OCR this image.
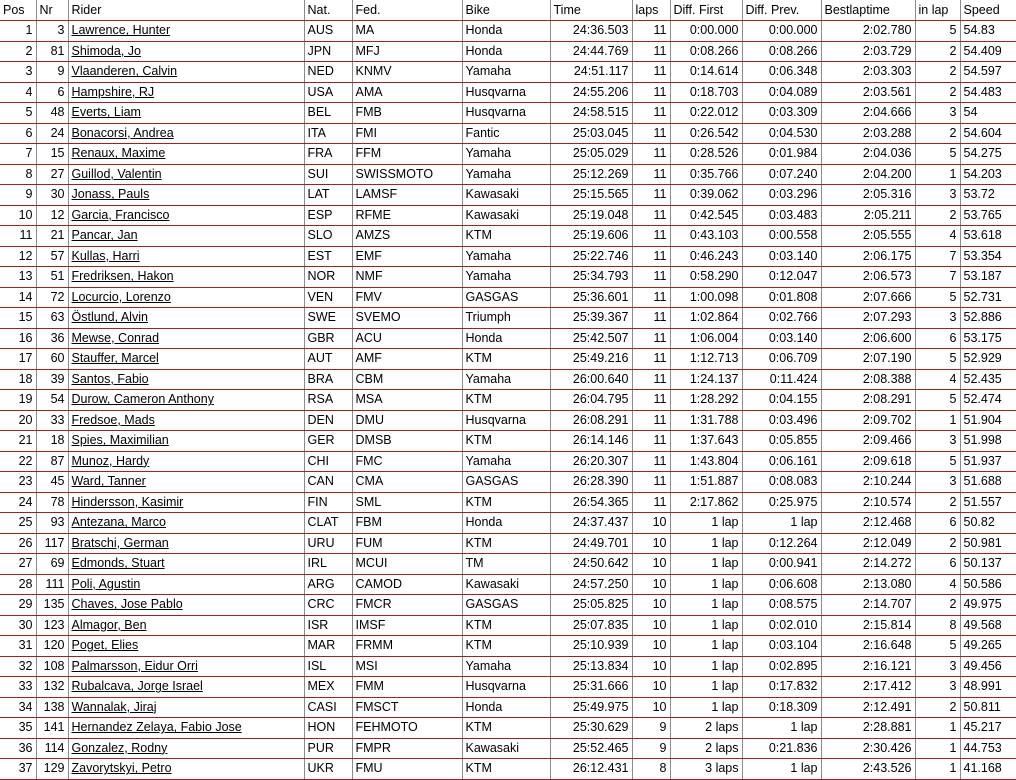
Pos	Nr	Rider	Nat.	Fed.	Bike	Time	laps	Diff. First	Diff. Prev.	Bestlaptime	in lap	Speed
1	3	Lawrence, Hunter	AUS	MA	Honda	24:36.503	11	0:00.000	0:00.000	2:02.780	5	54.83
2	81	Shimoda, Jo	JPN	MFJ	Honda	24:44.769	11	0:08.266	0:08.266	2:03.729	2	54.409
3	9	Vlaanderen, Calvin	NED	KNMV	Yamaha	24:51.117	11	0:14.614	0:06.348	2:03.303	2	54.597
4	6	Hampshire, RJ	USA	AMA	Husqvarna	24:55.206	11	0:18.703	0:04.089	2:03.561	2	54.483
5	48	Everts, Liam	BEL	FMB	Husqvarna	24:58.515	11	0:22.012	0:03.309	2:04.666	3	54
6	24	Bonacorsi, Andrea	ITA	FMI	Fantic	25:03.045	11	0:26.542	0:04.530	2:03.288	2	54.604
7	15	Renaux, Maxime	FRA	FFM	Yamaha	25:05.029	11	0:28.526	0:01.984	2:04.036	5	54.275
8	27	Guillod, Valentin	SUI	SWISSMOTO	Yamaha	25:12.269	11	0:35.766	0:07.240	2:04.200	1	54.203
9	30	Jonass, Pauls	LAT	LAMSF	Kawasaki	25:15.565	11	0:39.062	0:03.296	2:05.316	3	53.72
10	12	Garcia, Francisco	ESP	RFME	Kawasaki	25:19.048	11	0:42.545	0:03.483	2:05.211	2	53.765
11	21	Pancar, Jan	SLO	AMZS	KTM	25:19.606	11	0:43.103	0:00.558	2:05.555	4	53.618
12	57	Kullas, Harri	EST	EMF	Yamaha	25:22.746	11	0:46.243	0:03.140	2:06.175	7	53.354
13	51	Fredriksen, Hakon	NOR	NMF	Yamaha	25:34.793	11	0:58.290	0:12.047	2:06.573	7	53.187
14	72	Locurcio, Lorenzo	VEN	FMV	GASGAS	25:36.601	11	1:00.098	0:01.808	2:07.666	5	52.731
15	63	Östlund, Alvin	SWE	SVEMO	Triumph	25:39.367	11	1:02.864	0:02.766	2:07.293	3	52.886
16	36	Mewse, Conrad	GBR	ACU	Honda	25:42.507	11	1:06.004	0:03.140	2:06.600	6	53.175
17	60	Stauffer, Marcel	AUT	AMF	KTM	25:49.216	11	1:12.713	0:06.709	2:07.190	5	52.929
18	39	Santos, Fabio	BRA	CBM	Yamaha	26:00.640	11	1:24.137	0:11.424	2:08.388	4	52.435
19	54	Durow, Cameron Anthony	RSA	MSA	KTM	26:04.795	11	1:28.292	0:04.155	2:08.291	5	52.474
20	33	Fredsoe, Mads	DEN	DMU	Husqvarna	26:08.291	11	1:31.788	0:03.496	2:09.702	1	51.904
21	18	Spies, Maximilian	GER	DMSB	KTM	26:14.146	11	1:37.643	0:05.855	2:09.466	3	51.998
22	87	Munoz, Hardy	CHI	FMC	Yamaha	26:20.307	11	1:43.804	0:06.161	2:09.618	5	51.937
23	45	Ward, Tanner	CAN	CMA	GASGAS	26:28.390	11	1:51.887	0:08.083	2:10.244	3	51.688
24	78	Hindersson, Kasimir	FIN	SML	KTM	26:54.365	11	2:17.862	0:25.975	2:10.574	2	51.557
25	93	Antezana, Marco	CLAT	FBM	Honda	24:37.437	10	1 lap	1 lap	2:12.468	6	50.82
26	117	Bratschi, German	URU	FUM	KTM	24:49.701	10	1 lap	0:12.264	2:12.049	2	50.981
27	69	Edmonds, Stuart	IRL	MCUI	TM	24:50.642	10	1 lap	0:00.941	2:14.272	6	50.137
28	111	Poli, Agustin	ARG	CAMOD	Kawasaki	24:57.250	10	1 lap	0:06.608	2:13.080	4	50.586
29	135	Chaves, Jose Pablo	CRC	FMCR	GASGAS	25:05.825	10	1 lap	0:08.575	2:14.707	2	49.975
30	123	Almagor, Ben	ISR	IMSF	KTM	25:07.835	10	1 lap	0:02.010	2:15.814	8	49.568
31	120	Poget, Elies	MAR	FRMM	KTM	25:10.939	10	1 lap	0:03.104	2:16.648	5	49.265
32	108	Palmarsson, Eidur Orri	ISL	MSI	Yamaha	25:13.834	10	1 lap	0:02.895	2:16.121	3	49.456
33	132	Rubalcava, Jorge Israel	MEX	FMM	Husqvarna	25:31.666	10	1 lap	0:17.832	2:17.412	3	48.991
34	138	Wannalak, Jiraj	CASI	FMSCT	Honda	25:49.975	10	1 lap	0:18.309	2:12.491	2	50.811
35	141	Hernandez Zelaya, Fabio Jose	HON	FEHMOTO	KTM	25:30.629	9	2 laps	1 lap	2:28.881	1	45.217
36	114	Gonzalez, Rodny	PUR	FMPR	Kawasaki	25:52.465	9	2 laps	0:21.836	2:30.426	1	44.753
37	129	Zavorytskyi, Petro	UKR	FMU	KTM	26:12.431	8	3 laps	1 lap	2:43.526	1	41.168
